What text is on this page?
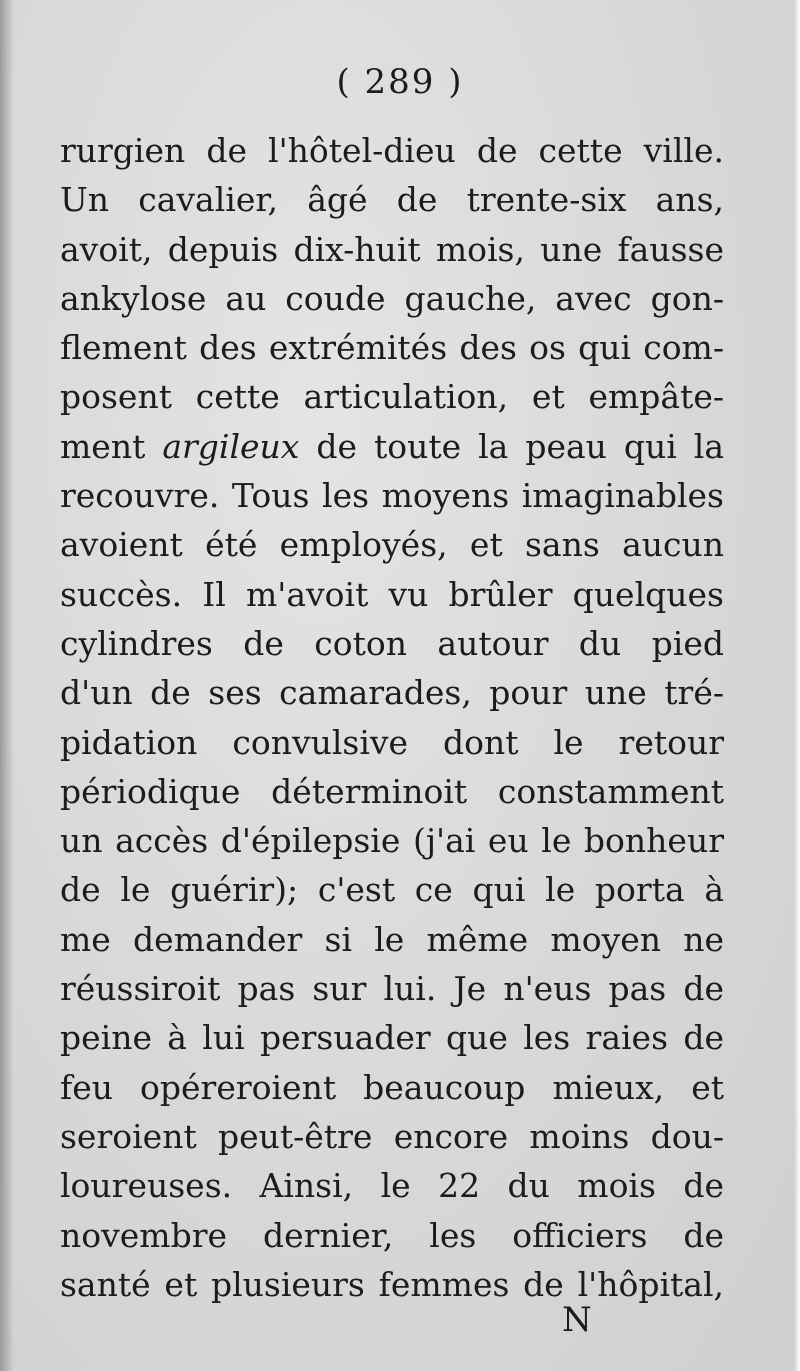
( 289 )
rurgien de l'hôtel-dieu de cette ville.
Un cavalier, âgé de trente-six ans,
avoit, depuis dix-huit mois, une fausse
ankylose au coude gauche, avec gon-
flement des extrémités des os qui com-
posent cette articulation, et empâte-
ment argileux de toute la peau qui la
recouvre. Tous les moyens imaginables
avoient été employés, et sans aucun
succès. Il m'avoit vu brûler quelques
cylindres de coton autour du pied
d'un de ses camarades, pour une tré-
pidation convulsive dont le retour
périodique déterminoit constamment
un accès d'épilepsie (j'ai eu le bonheur
de le guérir); c'est ce qui le porta à
me demander si le même moyen ne
réussiroit pas sur lui. Je n'eus pas de
peine à lui persuader que les raies de
feu opéreroient beaucoup mieux, et
seroient peut-être encore moins dou-
loureuses. Ainsi, le 22 du mois de
novembre dernier, les officiers de
santé et plusieurs femmes de l'hôpital,
N
